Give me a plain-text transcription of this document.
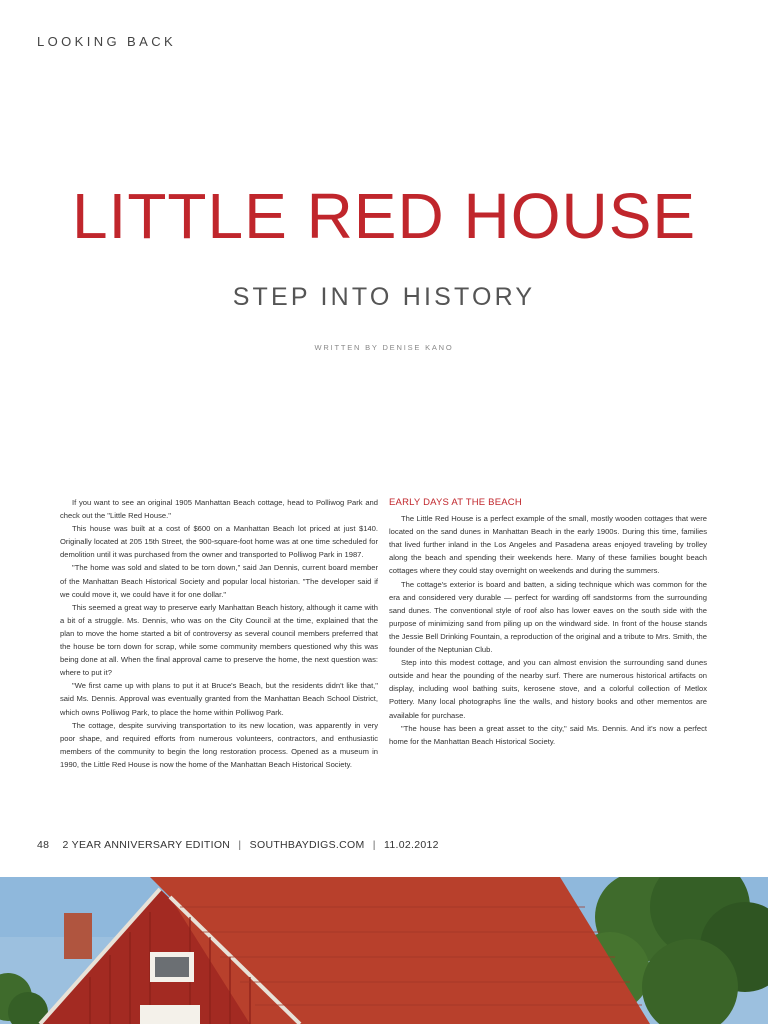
LOOKING BACK
LITTLE RED HOUSE
STEP INTO HISTORY
WRITTEN BY DENISE KANO

If you want to see an original 1905 Manhattan Beach cottage, head to Polliwog Park and check out the "Little Red House."

This house was built at a cost of $600 on a Manhattan Beach lot priced at just $140. Originally located at 205 15th Street, the 900-square-foot home was at one time scheduled for demolition until it was purchased from the owner and transported to Polliwog Park in 1987.

"The home was sold and slated to be torn down," said Jan Dennis, current board member of the Manhattan Beach Historical Society and popular local historian. "The developer said if we could move it, we could have it for one dollar."

This seemed a great way to preserve early Manhattan Beach history, although it came with a bit of a struggle. Ms. Dennis, who was on the City Council at the time, explained that the plan to move the home started a bit of controversy as several council members preferred that the house be torn down for scrap, while some community members questioned why this was being done at all. When the final approval came to preserve the home, the next question was: where to put it?

"We first came up with plans to put it at Bruce's Beach, but the residents didn't like that," said Ms. Dennis. Approval was eventually granted from the Manhattan Beach School District, which owns Polliwog Park, to place the home within Polliwog Park.

The cottage, despite surviving transportation to its new location, was apparently in very poor shape, and required efforts from numerous volunteers, contractors, and enthusiastic members of the community to begin the long restoration process. Opened as a museum in 1990, the Little Red House is now the home of the Manhattan Beach Historical Society.

EARLY DAYS AT THE BEACH

The Little Red House is a perfect example of the small, mostly wooden cottages that were located on the sand dunes in Manhattan Beach in the early 1900s. During this time, families that lived further inland in the Los Angeles and Pasadena areas enjoyed traveling by trolley along the beach and spending their weekends here. Many of these families bought beach cottages where they could stay overnight on weekends and during the summers.

The cottage's exterior is board and batten, a siding technique which was common for the era and considered very durable — perfect for warding off sandstorms from the surrounding sand dunes. The conventional style of roof also has lower eaves on the south side with the purpose of minimizing sand from piling up on the windward side. In front of the house stands the Jessie Bell Drinking Fountain, a reproduction of the original and a tribute to Mrs. Smith, the founder of the Neptunian Club.

Step into this modest cottage, and you can almost envision the surrounding sand dunes outside and hear the pounding of the nearby surf. There are numerous historical artifacts on display, including wool bathing suits, kerosene stove, and a colorful collection of Metlox Pottery. Many local photographs line the walls, and history books and other mementos are available for purchase.

"The house has been a great asset to the city," said Ms. Dennis. And it's now a perfect home for the Manhattan Beach Historical Society.

48 2 YEAR ANNIVERSARY EDITION | SOUTHBAYDIGS.COM | 11.02.2012
